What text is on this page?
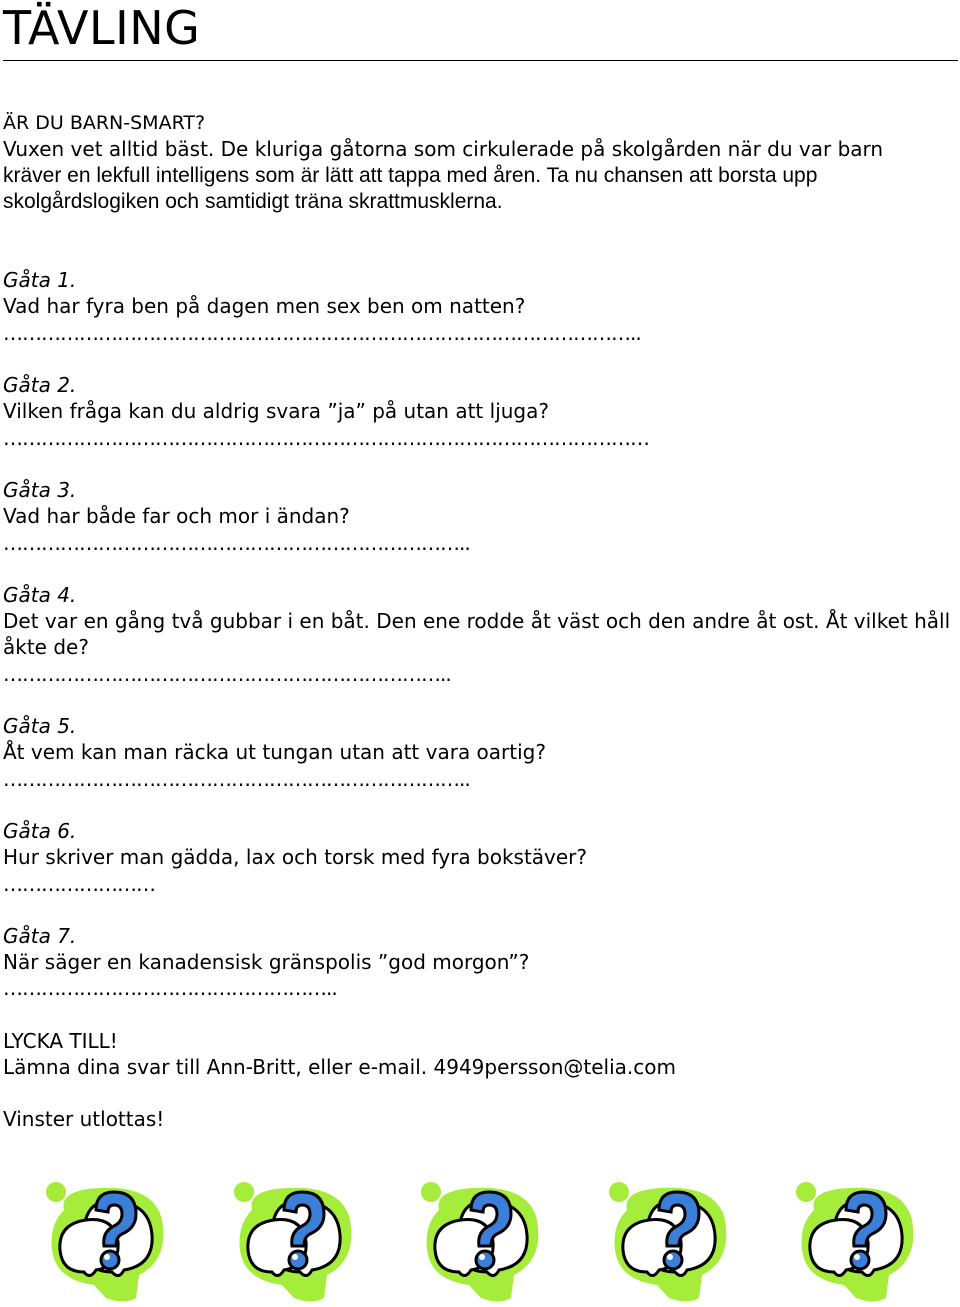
TÄVLING
ÄR DU BARN-SMART?
Vuxen vet alltid bäst. De kluriga gåtorna som cirkulerade på skolgården när du var barn
kräver en lekfull intelligens som är lätt att tappa med åren. Ta nu chansen att borsta upp
skolgårdslogiken och samtidigt träna skrattmusklerna.
Gåta 1.
Vad har fyra ben på dagen men sex ben om natten?
………………………………………………………………………………………..
Gåta 2.
Vilken fråga kan du aldrig svara ”ja” på utan att ljuga?
…………………………………………………………………………………………
Gåta 3.
Vad har både far och mor i ändan?
………………………………………………………………..
Gåta 4.
Det var en gång två gubbar i en båt. Den ene rodde åt väst och den andre åt ost. Åt vilket håll åkte de?
……………………………………………………………..
Gåta 5.
Åt vem kan man räcka ut tungan utan att vara oartig?
………………………………………………………………..
Gåta 6.
Hur skriver man gädda, lax och torsk med fyra bokstäver?
……………………
Gåta 7.
När säger en kanadensisk gränspolis ”god morgon”?
……………………………………………..
LYCKA TILL!
Lämna dina svar till Ann-Britt, eller e-mail. 4949persson@telia.com
Vinster utlottas!
